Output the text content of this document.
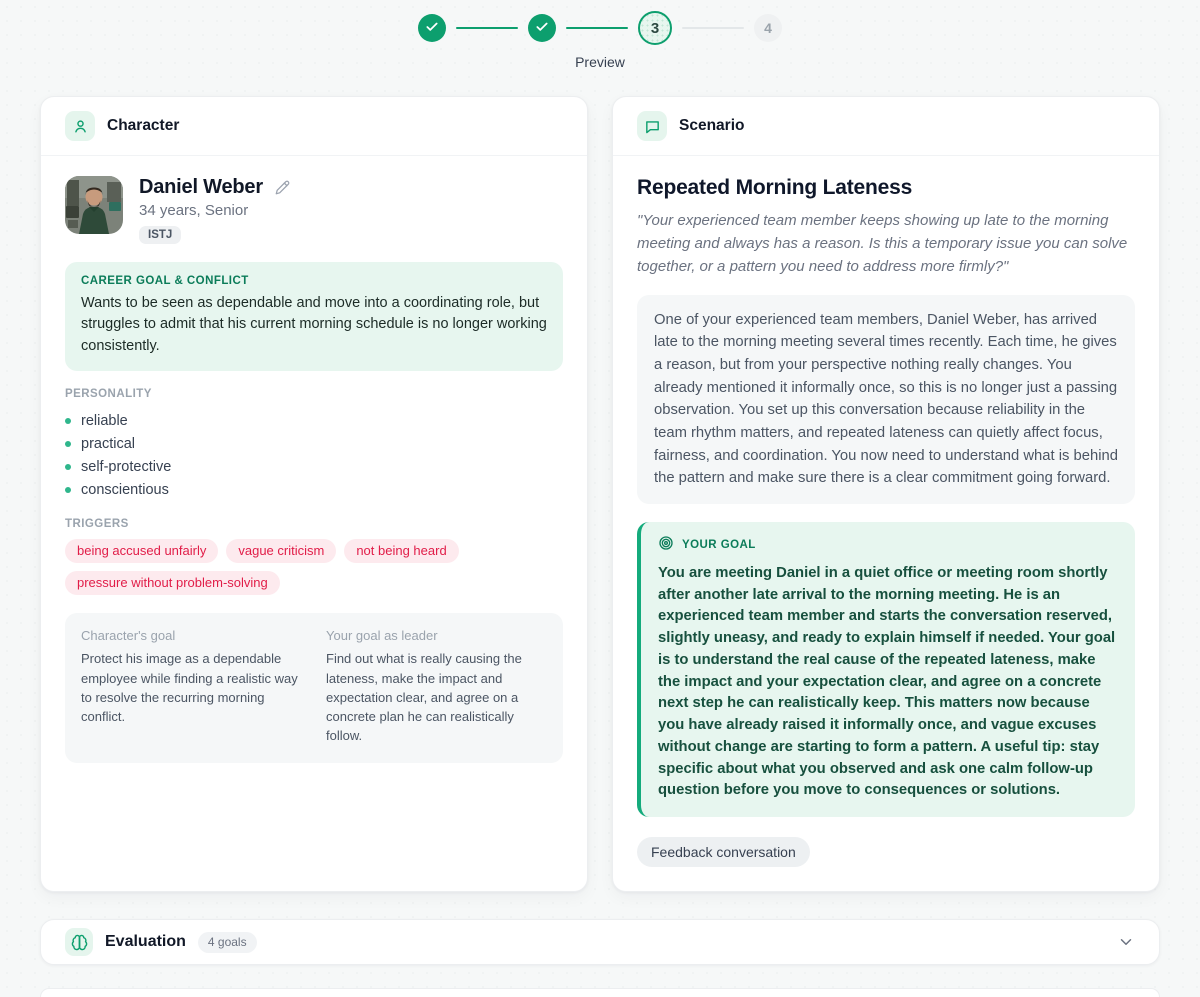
3	4
Preview
Character
Daniel Weber
34 years, Senior
ISTJ
CAREER GOAL & CONFLICT
Wants to be seen as dependable and move into a coordinating role, but struggles to admit that his current morning schedule is no longer working consistently.
PERSONALITY
reliable
practical
self-protective
conscientious
TRIGGERS
being accused unfairly	vague criticism	not being heard
pressure without problem-solving
Character's goal
Protect his image as a dependable employee while finding a realistic way to resolve the recurring morning conflict.
Your goal as leader
Find out what is really causing the lateness, make the impact and expectation clear, and agree on a concrete plan he can realistically follow.
Scenario
Repeated Morning Lateness
"Your experienced team member keeps showing up late to the morning meeting and always has a reason. Is this a temporary issue you can solve together, or a pattern you need to address more firmly?"
One of your experienced team members, Daniel Weber, has arrived late to the morning meeting several times recently. Each time, he gives a reason, but from your perspective nothing really changes. You already mentioned it informally once, so this is no longer just a passing observation. You set up this conversation because reliability in the team rhythm matters, and repeated lateness can quietly affect focus, fairness, and coordination. You now need to understand what is behind the pattern and make sure there is a clear commitment going forward.
YOUR GOAL
You are meeting Daniel in a quiet office or meeting room shortly after another late arrival to the morning meeting. He is an experienced team member and starts the conversation reserved, slightly uneasy, and ready to explain himself if needed. Your goal is to understand the real cause of the repeated lateness, make the impact and your expectation clear, and agree on a concrete next step he can realistically keep. This matters now because you have already raised it informally once, and vague excuses without change are starting to form a pattern. A useful tip: stay specific about what you observed and ask one calm follow-up question before you move to consequences or solutions.
Feedback conversation
Evaluation	4 goals
